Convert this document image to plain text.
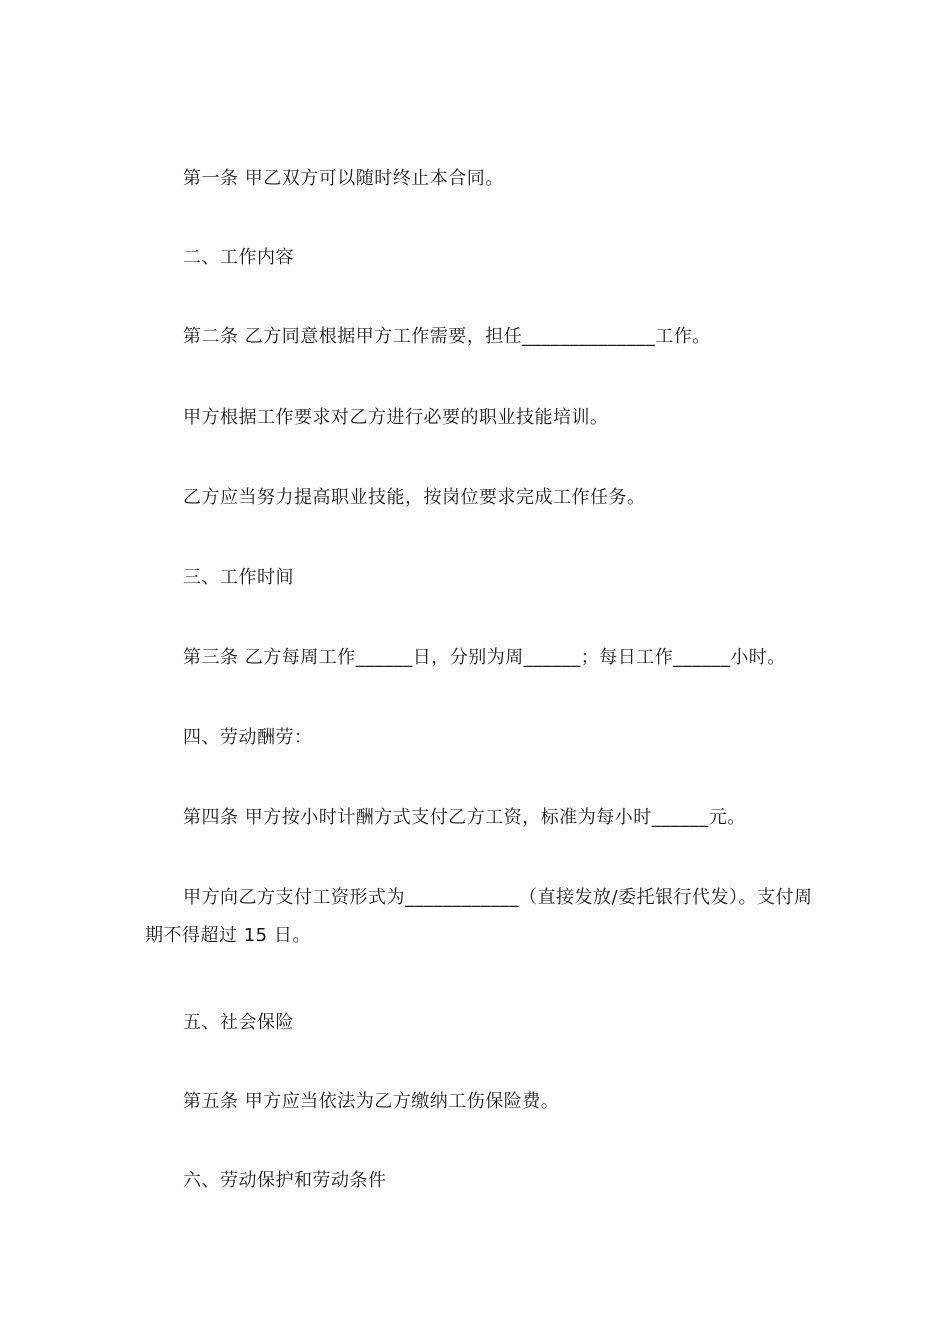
第一条 甲乙双方可以随时终止本合同。
二、工作内容
第二条 乙方同意根据甲方工作需要，担任______________工作。
甲方根据工作要求对乙方进行必要的职业技能培训。
乙方应当努力提高职业技能，按岗位要求完成工作任务。
三、工作时间
第三条 乙方每周工作______日，分别为周______；每日工作______小时。
四、劳动酬劳：
第四条 甲方按小时计酬方式支付乙方工资，标准为每小时______元。
甲方向乙方支付工资形式为____________（直接发放/委托银行代发）。支付周期不得超过 15 日。
五、社会保险
第五条 甲方应当依法为乙方缴纳工伤保险费。
六、劳动保护和劳动条件
